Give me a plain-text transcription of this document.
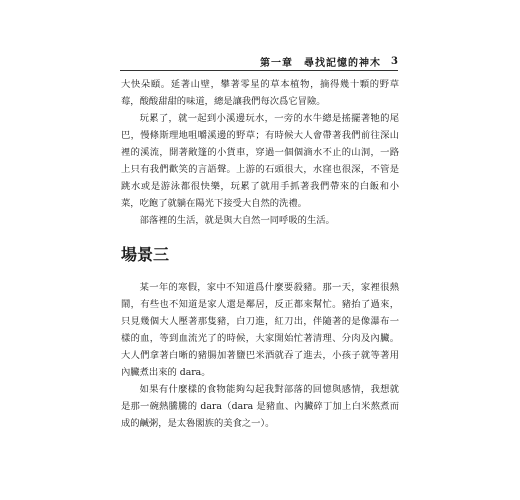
第一章　尋找記憶的神木 3

大快朵頤。延著山壁，攀著零星的草本植物，摘得幾十顆的野草莓，酸酸甜甜的味道，總是讓我們每次爲它冒險。

玩累了，就一起到小溪邊玩水，一旁的水牛總是搖擺著牠的尾巴，慢條斯理地咀嚼溪邊的野草；有時候大人會帶著我們前往深山裡的溪流，開著敞篷的小貨車，穿過一個個滴水不止的山洞，一路上只有我們歡笑的言語聲。上游的石頭很大，水窪也很深，不管是跳水或是游泳都很快樂，玩累了就用手抓著我們帶來的白飯和小菜，吃飽了就躺在陽光下接受大自然的洗禮。

部落裡的生活，就是與大自然一同呼吸的生活。

場景三

某一年的寒假，家中不知道爲什麼要殺豬。那一天，家裡很熱鬧，有些也不知道是家人還是鄰居，反正都來幫忙。豬抬了過來，只見幾個大人壓著那隻豬，白刀進，紅刀出，伴隨著的是像瀑布一樣的血，等到血流光了的時候，大家開始忙著清理、分肉及內臟。大人們拿著白晰的豬腸加著鹽巴米酒就吞了進去，小孩子就等著用內臟煮出來的 dara。

如果有什麼樣的食物能夠勾起我對部落的回憶與感情，我想就是那一碗熱騰騰的 dara（dara 是豬血、內臟碎丁加上白米熬煮而成的鹹粥，是太魯閣族的美食之一）。
